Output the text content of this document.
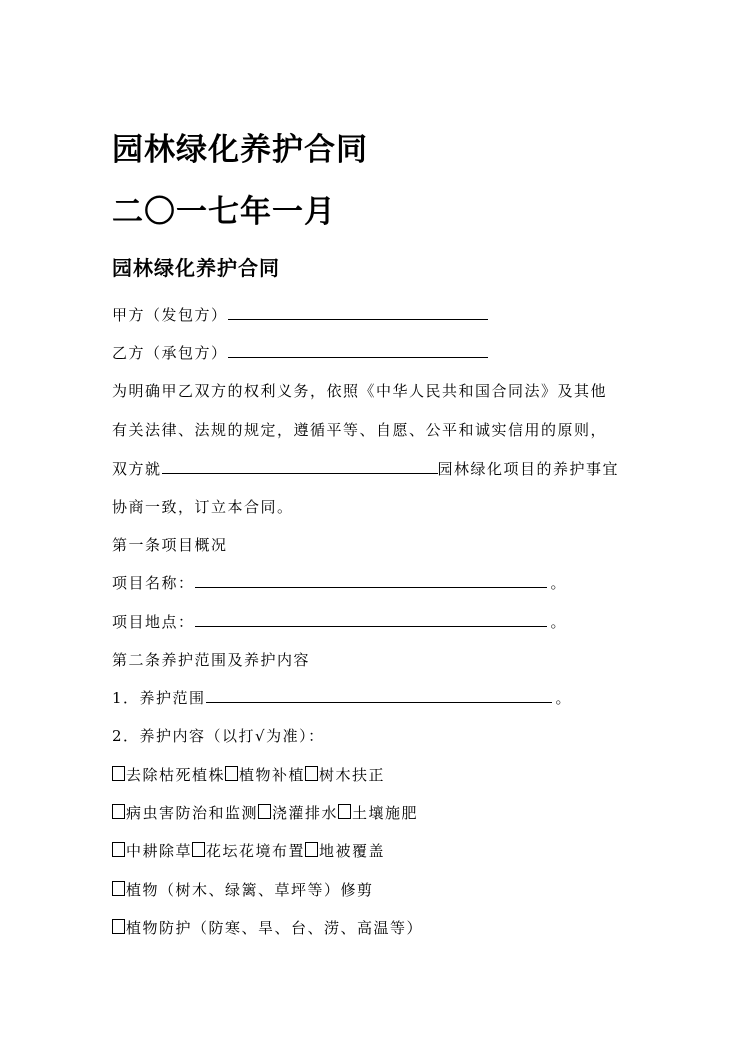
园林绿化养护合同
二〇一七年一月
园林绿化养护合同
甲方（发包方）
乙方（承包方）
为明确甲乙双方的权利义务，依照《中华人民共和国合同法》及其他
有关法律、法规的规定，遵循平等、自愿、公平和诚实信用的原则，
双方就	园林绿化项目的养护事宜
协商一致，订立本合同。
第一条项目概况
项目名称：	。
项目地点：	。
第二条养护范围及养护内容
1．养护范围	。
2．养护内容（以打√为准）：
去除枯死植株 植物补植 树木扶正
病虫害防治和监测 浇灌排水 土壤施肥
中耕除草 花坛花境布置 地被覆盖
植物（树木、绿篱、草坪等）修剪
植物防护（防寒、旱、台、涝、高温等）
